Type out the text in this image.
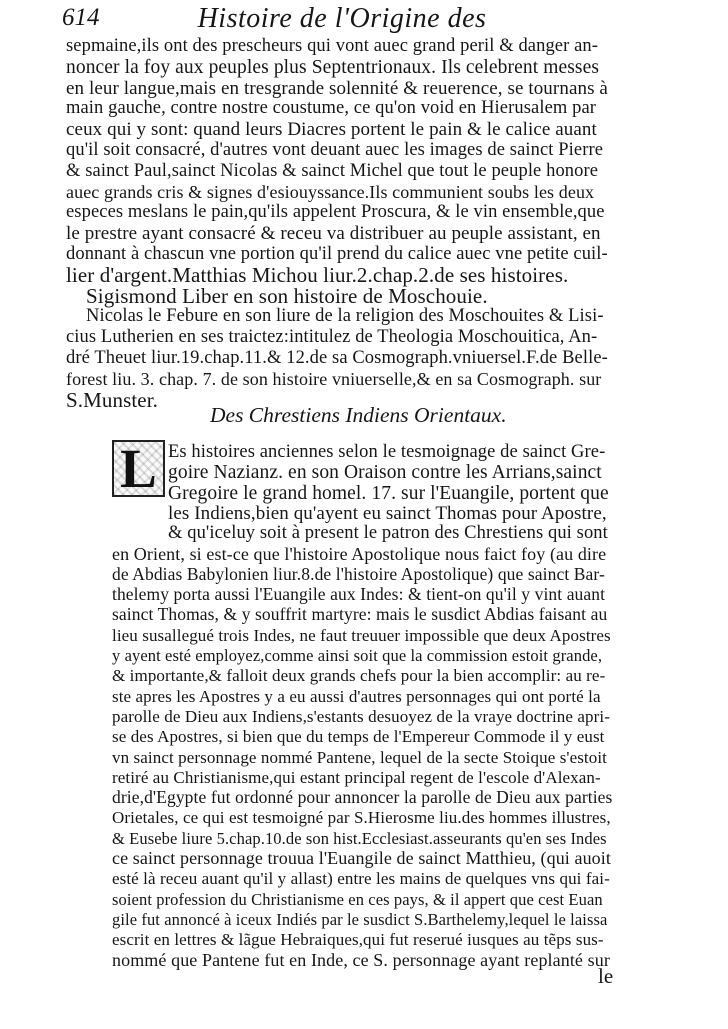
614	Histoire de l'Origine des
sepmaine,ils ont des prescheurs qui vont auec grand peril & danger an-
noncer la foy aux peuples plus Septentrionaux. Ils celebrent messes
en leur langue,mais en tresgrande solennité & reuerence, se tournans à
main gauche, contre nostre coustume, ce qu'on void en Hierusalem par
ceux qui y sont: quand leurs Diacres portent le pain & le calice auant
qu'il soit consacré, d'autres vont deuant auec les images de sainct Pierre
& sainct Paul,sainct Nicolas & sainct Michel que tout le peuple honore
auec grands cris & signes d'esiouyssance.Ils communient soubs les deux
especes meslans le pain,qu'ils appelent Proscura, & le vin ensemble,que
le prestre ayant consacré & receu va distribuer au peuple assistant, en
donnant à chascun vne portion qu'il prend du calice auec vne petite cuil-
lier d'argent.Matthias Michou liur.2.chap.2.de ses histoires.
Sigismond Liber en son histoire de Moschouie.
Nicolas le Febure en son liure de la religion des Moschouites & Lisi-
cius Lutherien en ses traictez:intitulez de Theologia Moschouitica, An-
dré Theuet liur.19.chap.11.& 12.de sa Cosmograph.vniuersel.F.de Belle-
forest liu. 3. chap. 7. de son histoire vniuerselle,& en sa Cosmograph. sur
S.Munster.
Des Chrestiens Indiens Orientaux.
L Es histoires anciennes selon le tesmoignage de sainct Gre-
goire Nazianz. en son Oraison contre les Arrians,sainct
Gregoire le grand homel. 17. sur l'Euangile, portent que
les Indiens,bien qu'ayent eu sainct Thomas pour Apostre,
& qu'iceluy soit à present le patron des Chrestiens qui sont
en Orient, si est-ce que l'histoire Apostolique nous faict foy (au dire
de Abdias Babylonien liur.8.de l'histoire Apostolique) que sainct Bar-
thelemy porta aussi l'Euangile aux Indes: & tient-on qu'il y vint auant
sainct Thomas, & y souffrit martyre: mais le susdict Abdias faisant au
lieu susallegué trois Indes, ne faut treuuer impossible que deux Apostres
y ayent esté employez,comme ainsi soit que la commission estoit grande,
& importante,& falloit deux grands chefs pour la bien accomplir: au re-
ste apres les Apostres y a eu aussi d'autres personnages qui ont porté la
parolle de Dieu aux Indiens,s'estants desuoyez de la vraye doctrine apri-
se des Apostres, si bien que du temps de l'Empereur Commode il y eust
vn sainct personnage nommé Pantene, lequel de la secte Stoique s'estoit
retiré au Christianisme,qui estant principal regent de l'escole d'Alexan-
drie,d'Egypte fut ordonné pour annoncer la parolle de Dieu aux parties
Orietales, ce qui est tesmoigné par S.Hierosme liu.des hommes illustres,
& Eusebe liure 5.chap.10.de son hist.Ecclesiast.asseurants qu'en ses Indes
ce sainct personnage trouua l'Euangile de sainct Matthieu, (qui auoit
esté là receu auant qu'il y allast) entre les mains de quelques vns qui fai-
soient profession du Christianisme en ces pays, & il appert que cest Euan
gile fut annoncé à iceux Indiés par le susdict S.Barthelemy,lequel le laissa
escrit en lettres & lãgue Hebraiques,qui fut reserué iusques au tẽps sus-
nommé que Pantene fut en Inde, ce S. personnage ayant replanté sur
le
